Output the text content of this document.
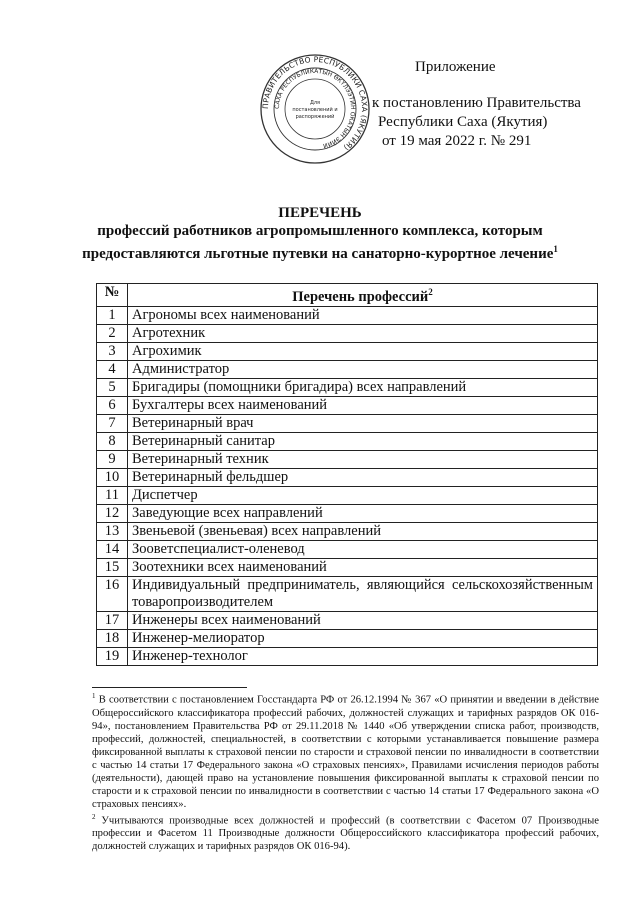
ПРАВИТЕЛЬСТВО РЕСПУБЛИКИ САХА (ЯКУТИЯ)
САХА РЕСПУБЛИКАТЫН ӨКҮЛЭЭТИН ОКАТЫН ЭЙИИ
Для
постановлений и
распоряжений
Приложение
к постановлению Правительства
Республики Саха (Якутия)
от 19 мая 2022 г. № 291
ПЕРЕЧЕНЬ
профессий работников агропромышленного комплекса, которым
предоставляются льготные путевки на санаторно-курортное лечение$^1$
№	Перечень профессий$^2$
1	Агрономы всех наименований
2	Агротехник
3	Агрохимик
4	Администратор
5	Бригадиры (помощники бригадира) всех направлений
6	Бухгалтеры всех наименований
7	Ветеринарный врач
8	Ветеринарный санитар
9	Ветеринарный техник
10	Ветеринарный фельдшер
11	Диспетчер
12	Заведующие всех направлений
13	Звеньевой (звеньевая) всех направлений
14	Зооветспециалист-оленевод
15	Зоотехники всех наименований
16	Индивидуальный предприниматель, являющийся сельскохозяйственным товаропроизводителем
17	Инженеры всех наименований
18	Инженер-мелиоратор
19	Инженер-технолог

$^1$ В соответствии с постановлением Госстандарта РФ от 26.12.1994 № 367 «О принятии и введении в действие Общероссийского классификатора профессий рабочих, должностей служащих и тарифных разрядов ОК 016-94», постановлением Правительства РФ от 29.11.2018 № 1440 «Об утверждении списка работ, производств, профессий, должностей, специальностей, в соответствии с которыми устанавливается повышение размера фиксированной выплаты к страховой пенсии по старости и страховой пенсии по инвалидности в соответствии с частью 14 статьи 17 Федерального закона «О страховых пенсиях», Правилами исчисления периодов работы (деятельности), дающей право на установление повышения фиксированной выплаты к страховой пенсии по старости и к страховой пенсии по инвалидности в соответствии с частью 14 статьи 17 Федерального закона «О страховых пенсиях».

$^2$ Учитываются производные всех должностей и профессий (в соответствии с Фасетом 07 Производные профессии и Фасетом 11 Производные должности Общероссийского классификатора профессий рабочих, должностей служащих и тарифных разрядов ОК 016-94).
